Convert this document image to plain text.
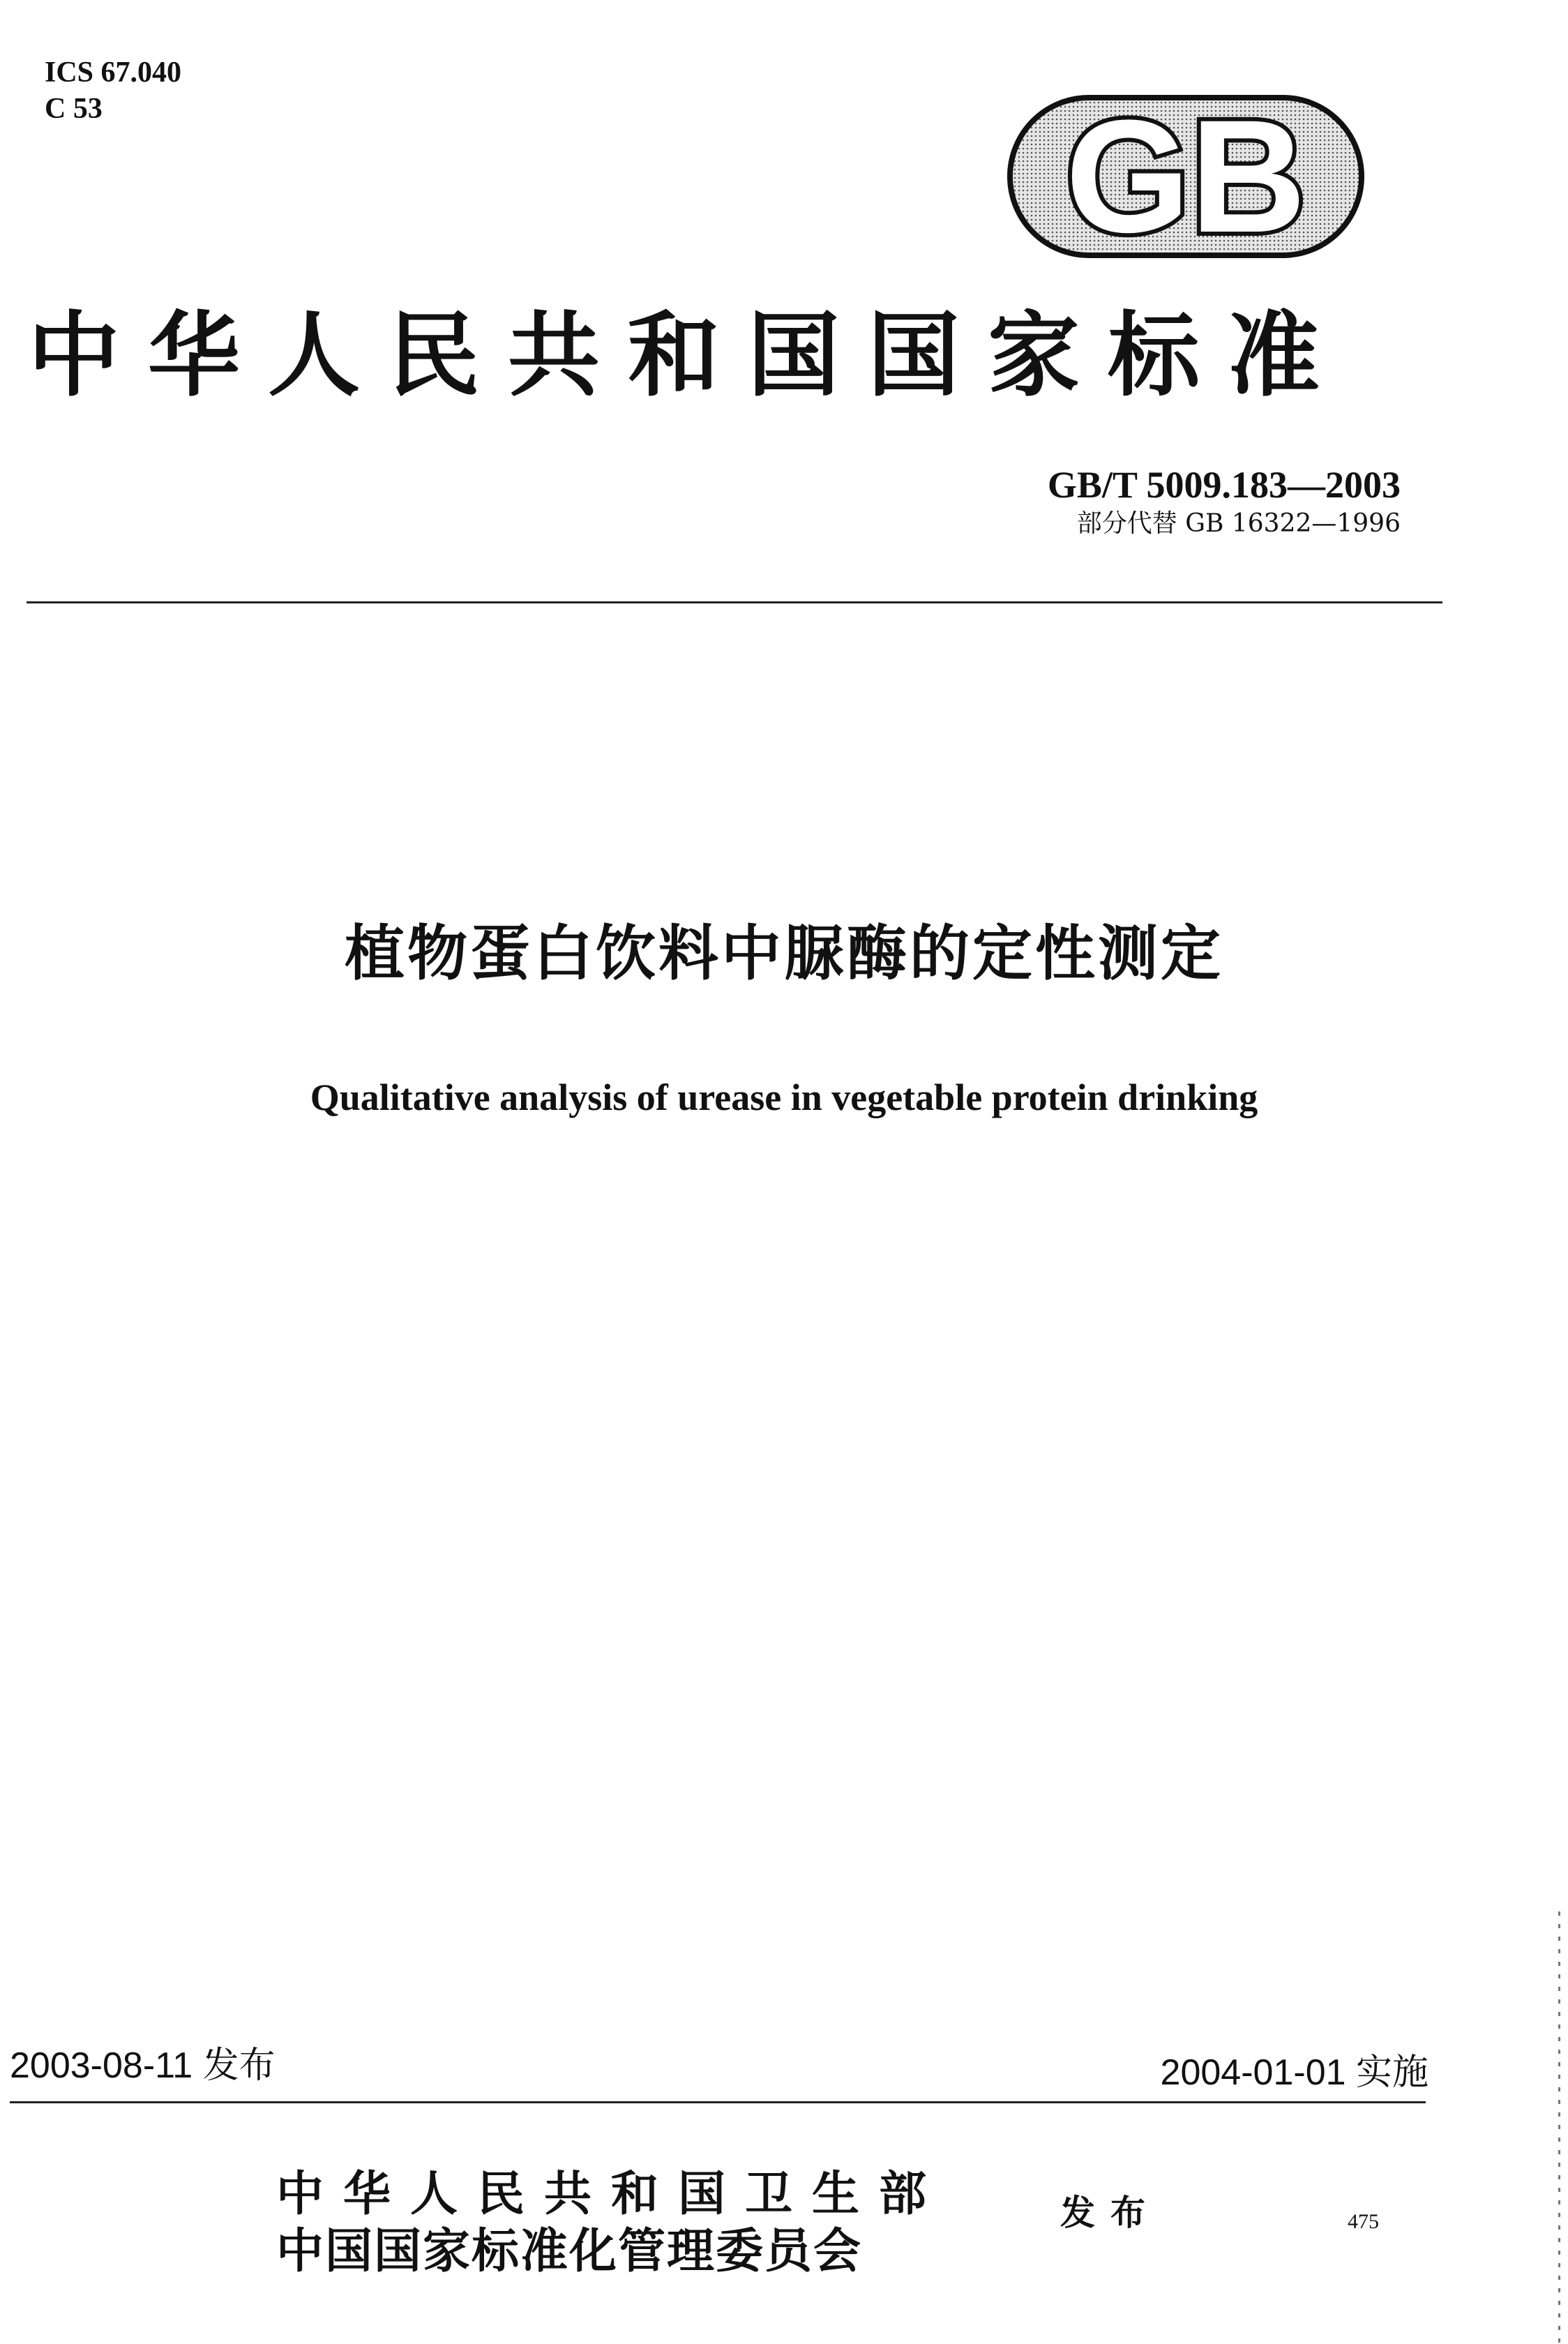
ICS 67.040
C 53	GB
中华人民共和国国家标准
GB/T 5009.183—2003
部分代替 GB 16322—1996
植物蛋白饮料中脲酶的定性测定
Qualitative analysis of urease in vegetable protein drinking
2003-08-11 发布	2004-01-01 实施
中华人民共和国卫生部
中国国家标准化管理委员会
发布	475
